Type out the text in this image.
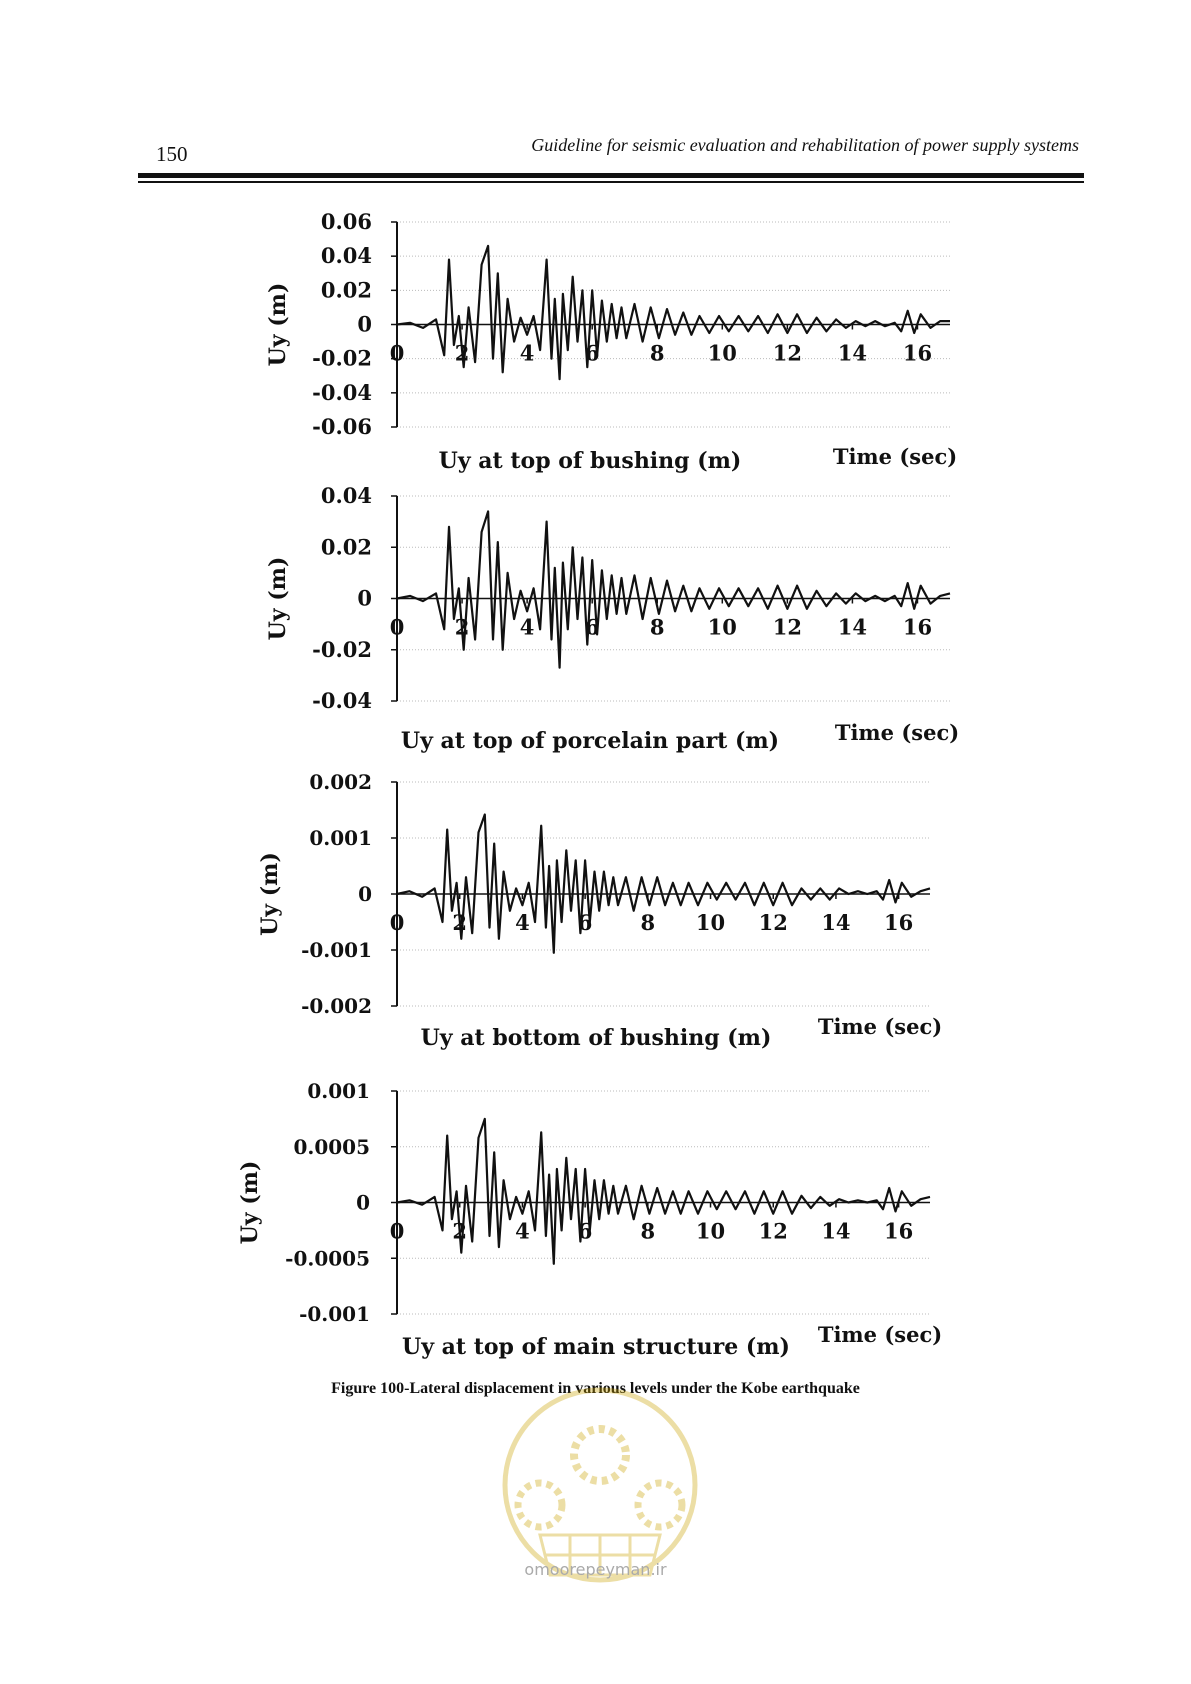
150	Guideline for seismic evaluation and rehabilitation of power supply systems
0.06
0.04
0.02
0
-0.02
-0.04
-0.06
0 2 4 6 8 10 12 14 16
Uy (m)
Uy at top of bushing (m)	Time (sec)
0.04
0.02
0
-0.02
-0.04
0 2 4 6 8 10 12 14 16
Uy (m)
Uy at top of porcelain part (m)	Time (sec)
0.002
0.001
0
-0.001
-0.002
0 2 4 6 8 10 12 14 16
Uy (m)
Uy at bottom of bushing (m) Time (sec)
0.001
0.0005
0
-0.0005
-0.001
0 2 4 6 8 10 12 14 16
Uy (m)
Uy at top of main structure (m) Time (sec)
Figure 100-Lateral displacement in various levels under the Kobe earthquake
omoorepeyman.ir
